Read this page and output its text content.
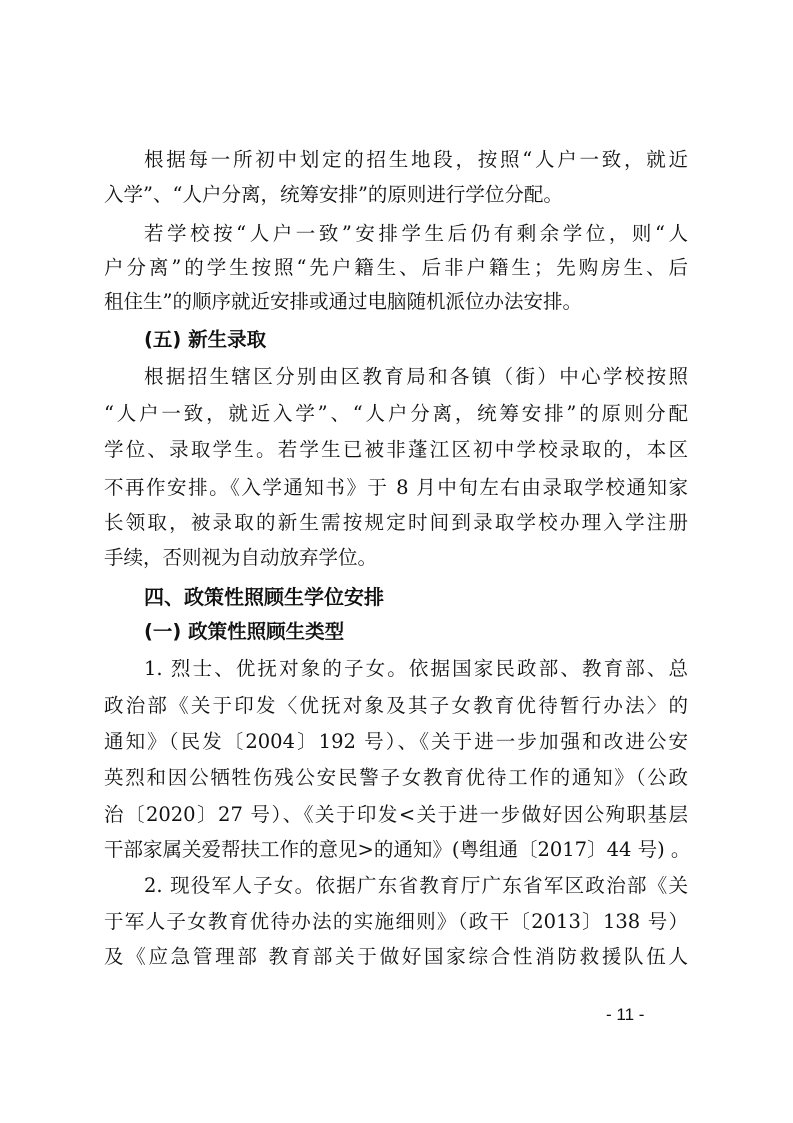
根据每一所初中划定的招生地段，按照“人户一致，就近
入学”、“人户分离，统筹安排”的原则进行学位分配。
若学校按“人户一致”安排学生后仍有剩余学位，则“人
户分离”的学生按照“先户籍生、后非户籍生；先购房生、后
租住生”的顺序就近安排或通过电脑随机派位办法安排。
(五) 新生录取
根据招生辖区分别由区教育局和各镇（街）中心学校按照
“人户一致，就近入学”、“人户分离，统筹安排”的原则分配
学位、录取学生。若学生已被非蓬江区初中学校录取的，本区
不再作安排。《入学通知书》于 8 月中旬左右由录取学校通知家
长领取，被录取的新生需按规定时间到录取学校办理入学注册
手续，否则视为自动放弃学位。
四、政策性照顾生学位安排
(一) 政策性照顾生类型
1. 烈士、优抚对象的子女。依据国家民政部、教育部、总
政治部《关于印发〈优抚对象及其子女教育优待暂行办法〉的
通知》（民发〔2004〕192 号）、《关于进一步加强和改进公安
英烈和因公牺牲伤残公安民警子女教育优待工作的通知》（公政
治〔2020〕27 号）、《关于印发<关于进一步做好因公殉职基层
干部家属关爱帮扶工作的意见>的通知》(粤组通〔2017〕44 号) 。
2. 现役军人子女。依据广东省教育厅广东省军区政治部《关
于军人子女教育优待办法的实施细则》（政干〔2013〕138 号）
及《应急管理部 教育部关于做好国家综合性消防救援队伍人
- 11 -
